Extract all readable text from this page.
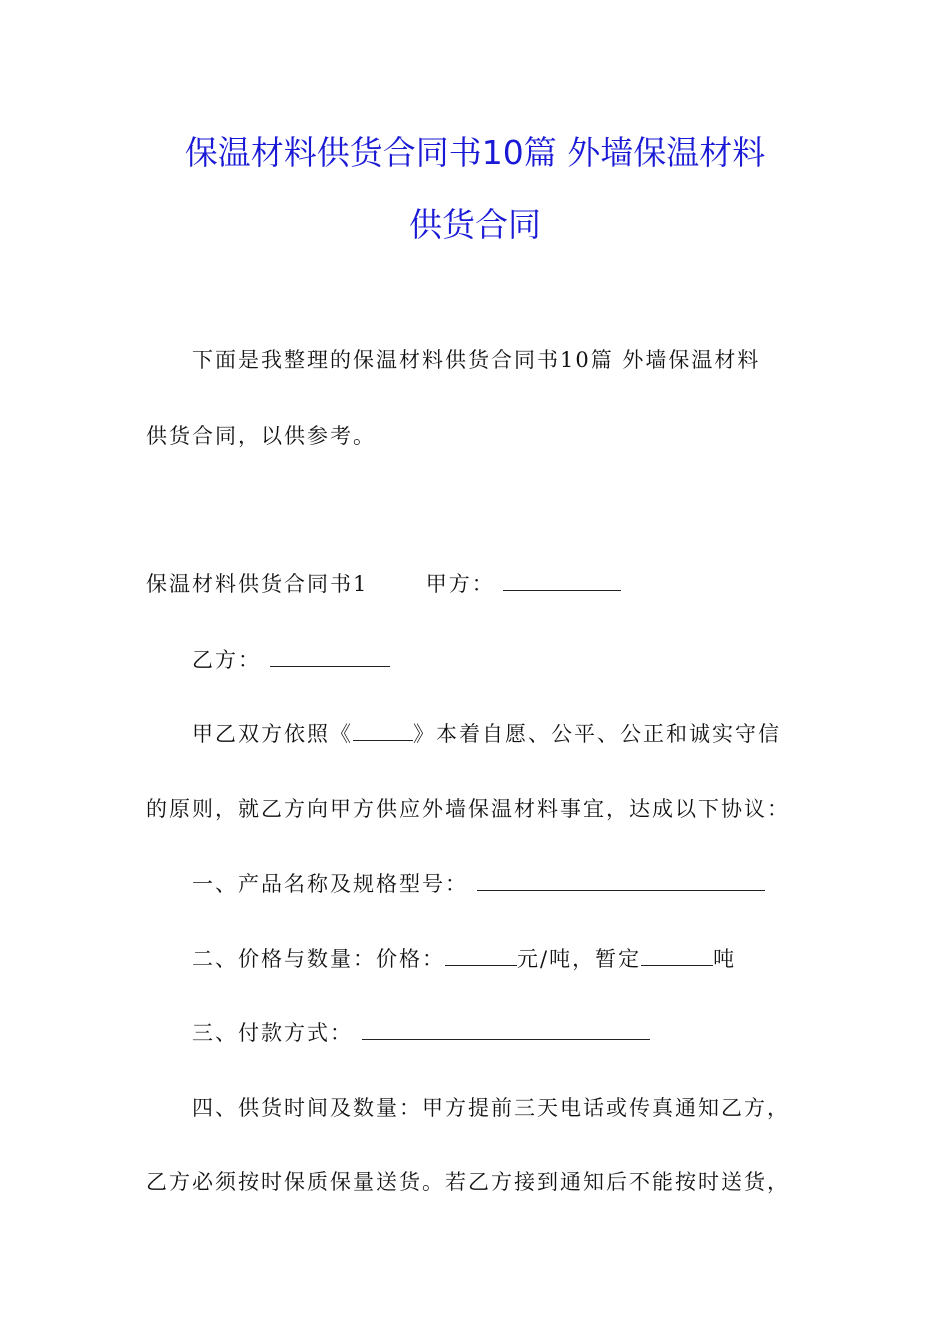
保温材料供货合同书10篇 外墙保温材料
供货合同
下面是我整理的保温材料供货合同书10篇 外墙保温材料
供货合同，以供参考。
保温材料供货合同书1	甲方：
乙方：
甲乙双方依照《	》本着自愿、公平、公正和诚实守信
的原则，就乙方向甲方供应外墙保温材料事宜，达成以下协议：
一、产品名称及规格型号：
二、价格与数量：价格：	元/吨，暂定	吨
三、付款方式：
四、供货时间及数量：甲方提前三天电话或传真通知乙方，
乙方必须按时保质保量送货。若乙方接到通知后不能按时送货，
